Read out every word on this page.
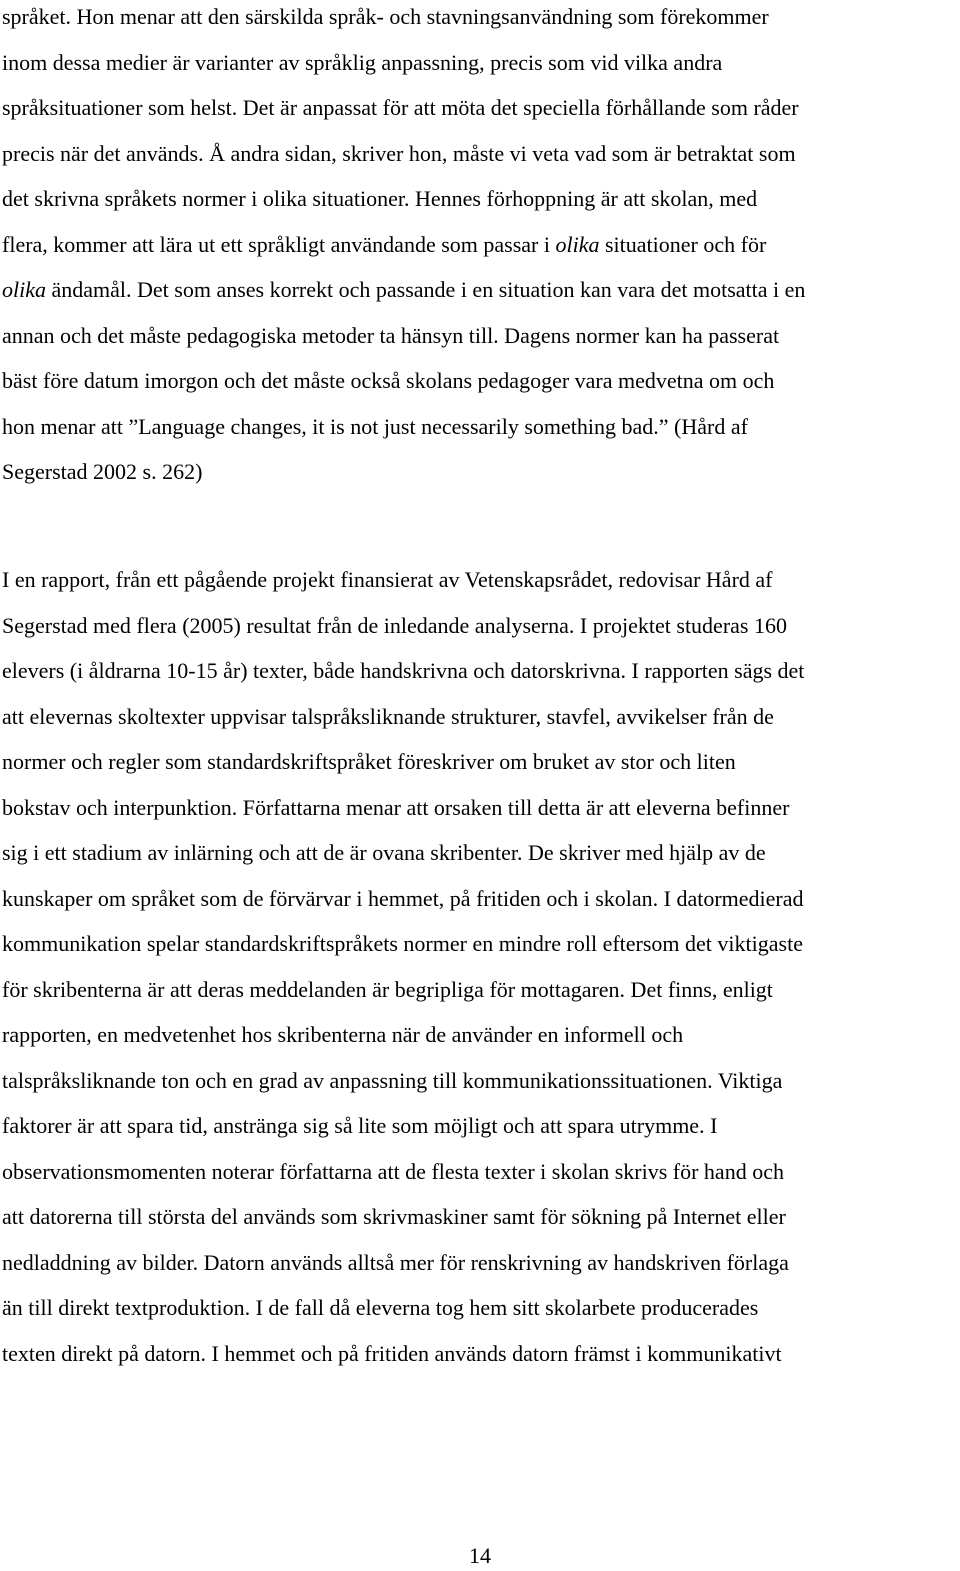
14
språket. Hon menar att den särskilda språk- och stavningsanvändning som förekommer
inom dessa medier är varianter av språklig anpassning, precis som vid vilka andra
språksituationer som helst. Det är anpassat för att möta det speciella förhållande som råder
precis när det används. Å andra sidan, skriver hon, måste vi veta vad som är betraktat som
det skrivna språkets normer i olika situationer. Hennes förhoppning är att skolan, med
flera, kommer att lära ut ett språkligt användande som passar i olika situationer och för
olika ändamål. Det som anses korrekt och passande i en situation kan vara det motsatta i en
annan och det måste pedagogiska metoder ta hänsyn till. Dagens normer kan ha passerat
bäst före datum imorgon och det måste också skolans pedagoger vara medvetna om och
hon menar att ”Language changes, it is not just necessarily something bad.” (Hård af
Segerstad 2002 s. 262)
I en rapport, från ett pågående projekt finansierat av Vetenskapsrådet, redovisar Hård af
Segerstad med flera (2005) resultat från de inledande analyserna. I projektet studeras 160
elevers (i åldrarna 10-15 år) texter, både handskrivna och datorskrivna. I rapporten sägs det
att elevernas skoltexter uppvisar talspråksliknande strukturer, stavfel, avvikelser från de
normer och regler som standardskriftspråket föreskriver om bruket av stor och liten
bokstav och interpunktion. Författarna menar att orsaken till detta är att eleverna befinner
sig i ett stadium av inlärning och att de är ovana skribenter. De skriver med hjälp av de
kunskaper om språket som de förvärvar i hemmet, på fritiden och i skolan. I datormedierad
kommunikation spelar standardskriftspråkets normer en mindre roll eftersom det viktigaste
för skribenterna är att deras meddelanden är begripliga för mottagaren. Det finns, enligt
rapporten, en medvetenhet hos skribenterna när de använder en informell och
talspråksliknande ton och en grad av anpassning till kommunikationssituationen. Viktiga
faktorer är att spara tid, anstränga sig så lite som möjligt och att spara utrymme. I
observationsmomenten noterar författarna att de flesta texter i skolan skrivs för hand och
att datorerna till största del används som skrivmaskiner samt för sökning på Internet eller
nedladdning av bilder. Datorn används alltså mer för renskrivning av handskriven förlaga
än till direkt textproduktion. I de fall då eleverna tog hem sitt skolarbete producerades
texten direkt på datorn. I hemmet och på fritiden används datorn främst i kommunikativt
